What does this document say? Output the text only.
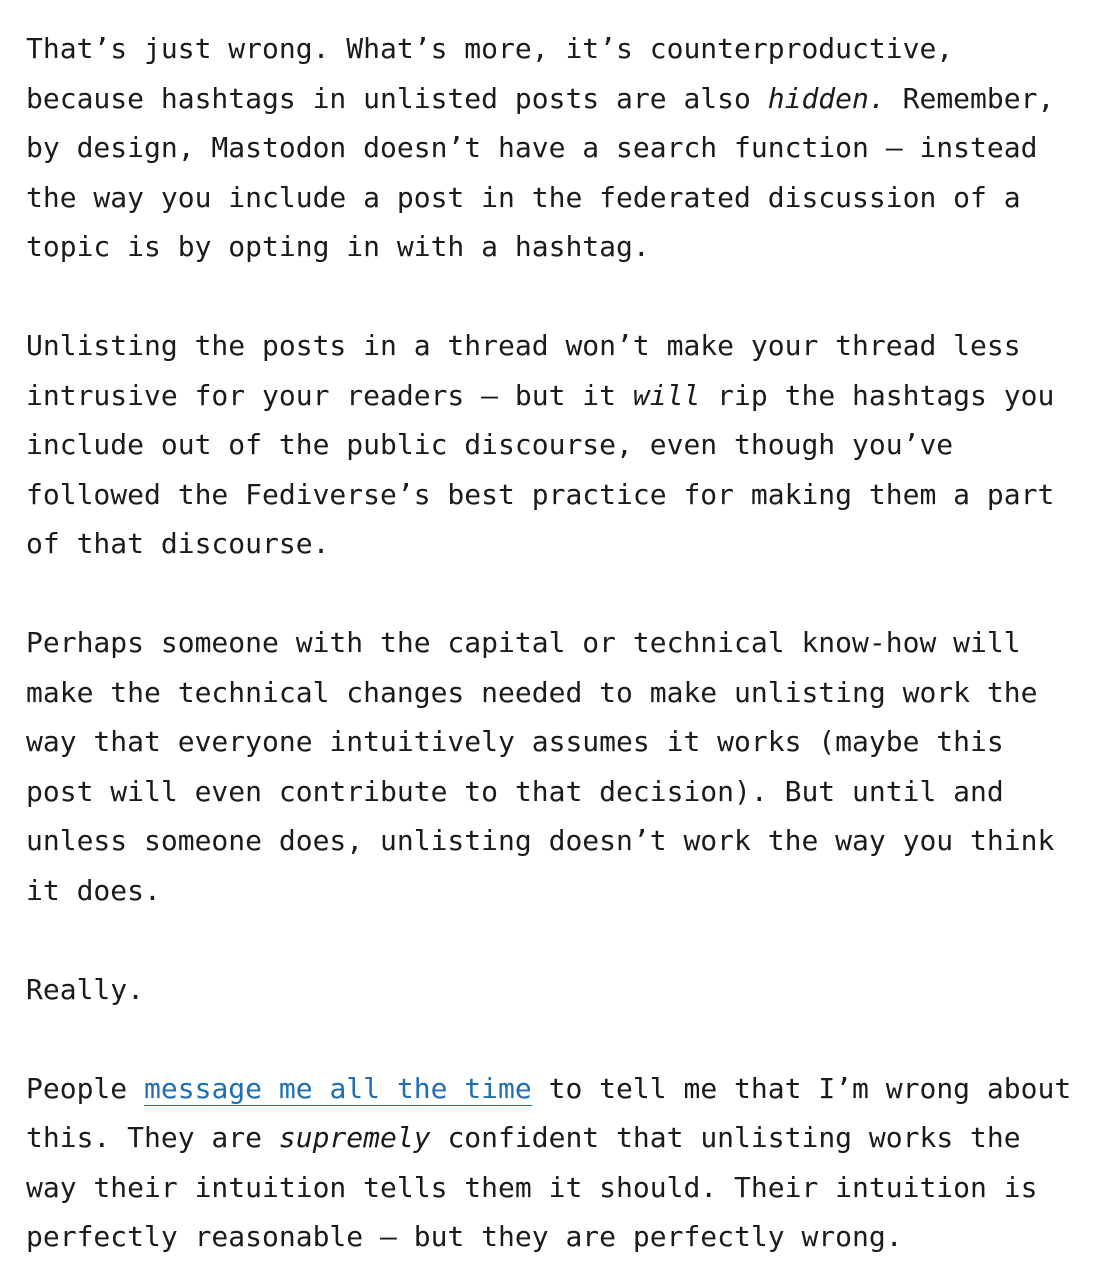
That’s just wrong. What’s more, it’s counterproductive,
because hashtags in unlisted posts are also hidden. Remember,
by design, Mastodon doesn’t have a search function – instead
the way you include a post in the federated discussion of a
topic is by opting in with a hashtag.

Unlisting the posts in a thread won’t make your thread less
intrusive for your readers – but it will rip the hashtags you
include out of the public discourse, even though you’ve
followed the Fediverse’s best practice for making them a part
of that discourse.

Perhaps someone with the capital or technical know-how will
make the technical changes needed to make unlisting work the
way that everyone intuitively assumes it works (maybe this
post will even contribute to that decision). But until and
unless someone does, unlisting doesn’t work the way you think
it does.

Really.

People message me all the time to tell me that I’m wrong about
this. They are supremely confident that unlisting works the
way their intuition tells them it should. Their intuition is
perfectly reasonable – but they are perfectly wrong.
